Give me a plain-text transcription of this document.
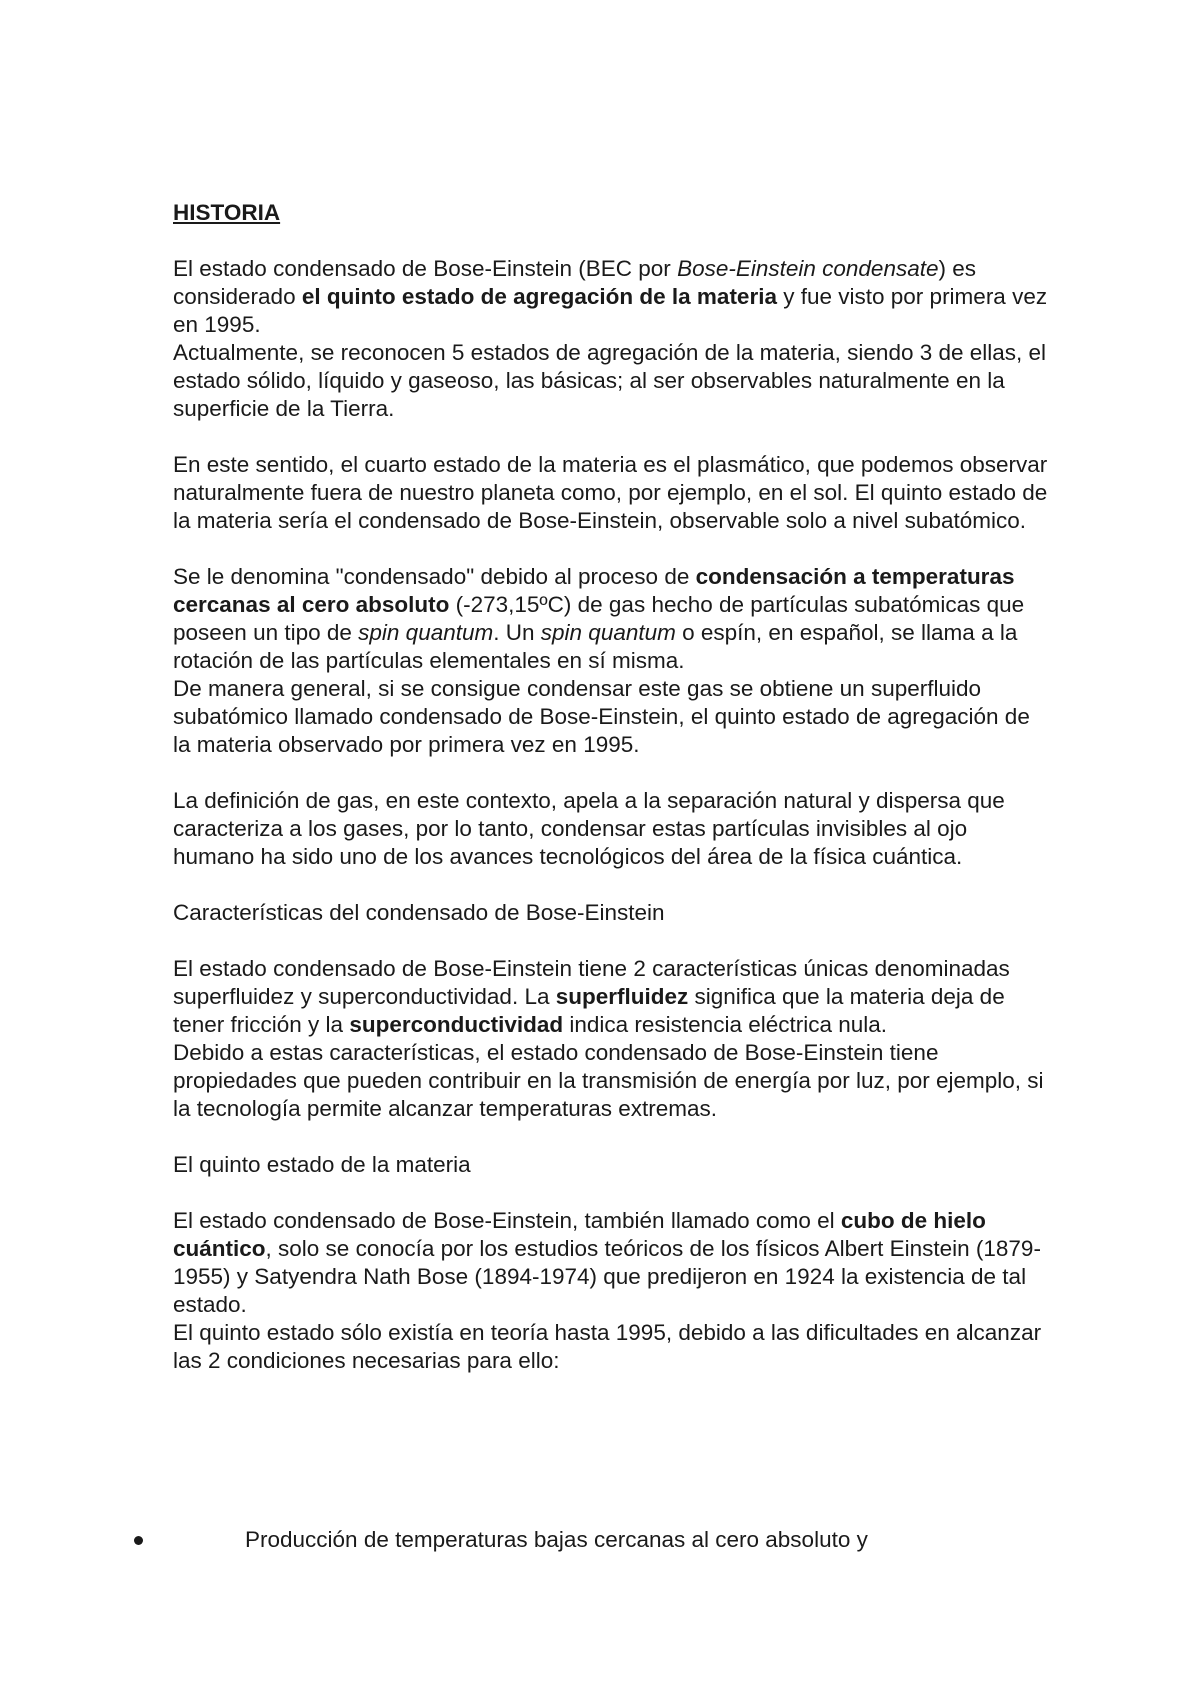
HISTORIA

El estado condensado de Bose-Einstein (BEC por Bose-Einstein condensate) es considerado el quinto estado de agregación de la materia y fue visto por primera vez en 1995.

Actualmente, se reconocen 5 estados de agregación de la materia, siendo 3 de ellas, el estado sólido, líquido y gaseoso, las básicas; al ser observables naturalmente en la superficie de la Tierra.

En este sentido, el cuarto estado de la materia es el plasmático, que podemos observar naturalmente fuera de nuestro planeta como, por ejemplo, en el sol. El quinto estado de la materia sería el condensado de Bose-Einstein, observable solo a nivel subatómico.

Se le denomina "condensado" debido al proceso de condensación a temperaturas cercanas al cero absoluto (-273,15ºC) de gas hecho de partículas subatómicas que poseen un tipo de spin quantum. Un spin quantum o espín, en español, se llama a la rotación de las partículas elementales en sí misma.

De manera general, si se consigue condensar este gas se obtiene un superfluido subatómico llamado condensado de Bose-Einstein, el quinto estado de agregación de la materia observado por primera vez en 1995.

La definición de gas, en este contexto, apela a la separación natural y dispersa que caracteriza a los gases, por lo tanto, condensar estas partículas invisibles al ojo humano ha sido uno de los avances tecnológicos del área de la física cuántica.

Características del condensado de Bose-Einstein

El estado condensado de Bose-Einstein tiene 2 características únicas denominadas superfluidez y superconductividad. La superfluidez significa que la materia deja de tener fricción y la superconductividad indica resistencia eléctrica nula.

Debido a estas características, el estado condensado de Bose-Einstein tiene propiedades que pueden contribuir en la transmisión de energía por luz, por ejemplo, si la tecnología permite alcanzar temperaturas extremas.

El quinto estado de la materia

El estado condensado de Bose-Einstein, también llamado como el cubo de hielo cuántico, solo se conocía por los estudios teóricos de los físicos Albert Einstein (1879-1955) y Satyendra Nath Bose (1894-1974) que predijeron en 1924 la existencia de tal estado.

El quinto estado sólo existía en teoría hasta 1995, debido a las dificultades en alcanzar las 2 condiciones necesarias para ello:

Producción de temperaturas bajas cercanas al cero absoluto y
